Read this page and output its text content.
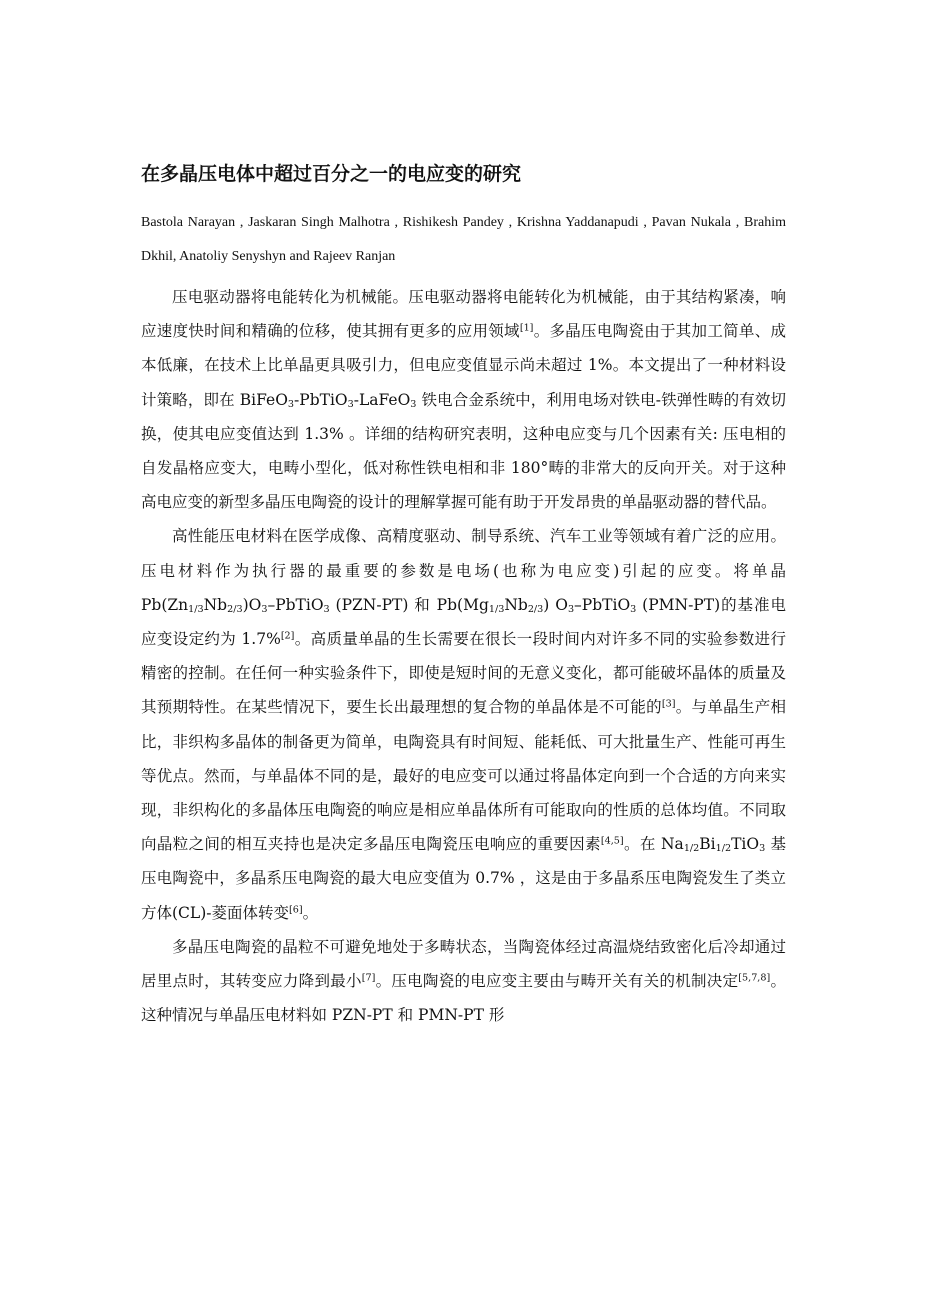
在多晶压电体中超过百分之一的电应变的研究

Bastola Narayan , Jaskaran Singh Malhotra , Rishikesh Pandey , Krishna Yaddanapudi , Pavan Nukala , Brahim Dkhil, Anatoliy Senyshyn and Rajeev Ranjan

压电驱动器将电能转化为机械能。压电驱动器将电能转化为机械能，由于其结构紧凑，响应速度快时间和精确的位移，使其拥有更多的应用领域[1]。多晶压电陶瓷由于其加工简单、成本低廉，在技术上比单晶更具吸引力，但电应变值显示尚未超过 1%。本文提出了一种材料设计策略，即在 BiFeO$_3$-PbTiO$_3$-LaFeO$_3$ 铁电合金系统中，利用电场对铁电-铁弹性畴的有效切换，使其电应变值达到 1.3% 。详细的结构研究表明，这种电应变与几个因素有关: 压电相的自发晶格应变大，电畴小型化，低对称性铁电相和非 180°畴的非常大的反向开关。对于这种高电应变的新型多晶压电陶瓷的设计的理解掌握可能有助于开发昂贵的单晶驱动器的替代品。

高性能压电材料在医学成像、高精度驱动、制导系统、汽车工业等领域有着广泛的应用。压电材料作为执行器的最重要的参数是电场(也称为电应变)引起的应变。将单晶 $Pb(Zn_{1/3}Nb_{2/3})O_3-PbTiO_3$ (PZN-PT) 和 $Pb(Mg_{1/3}Nb_{2/3})$ $O_3-PbTiO_3$ (PMN-PT)的基准电应变设定约为 1.7%[2]。高质量单晶的生长需要在很长一段时间内对许多不同的实验参数进行精密的控制。在任何一种实验条件下，即使是短时间的无意义变化，都可能破坏晶体的质量及其预期特性。在某些情况下，要生长出最理想的复合物的单晶体是不可能的[3]。与单晶生产相比，非织构多晶体的制备更为简单，电陶瓷具有时间短、能耗低、可大批量生产、性能可再生等优点。然而，与单晶体不同的是，最好的电应变可以通过将晶体定向到一个合适的方向来实现，非织构化的多晶体压电陶瓷的响应是相应单晶体所有可能取向的性质的总体均值。不同取向晶粒之间的相互夹持也是决定多晶压电陶瓷压电响应的重要因素[4,5]。在 $Na_{1/2}Bi_{1/2}TiO_3$ 基压电陶瓷中，多晶系压电陶瓷的最大电应变值为 0.7% ，这是由于多晶系压电陶瓷发生了类立方体(CL)-菱面体转变[6]。

多晶压电陶瓷的晶粒不可避免地处于多畴状态，当陶瓷体经过高温烧结致密化后冷却通过居里点时，其转变应力降到最小[7]。压电陶瓷的电应变主要由与畴开关有关的机制决定[5,7,8]。这种情况与单晶压电材料如 PZN-PT 和 PMN-PT 形
